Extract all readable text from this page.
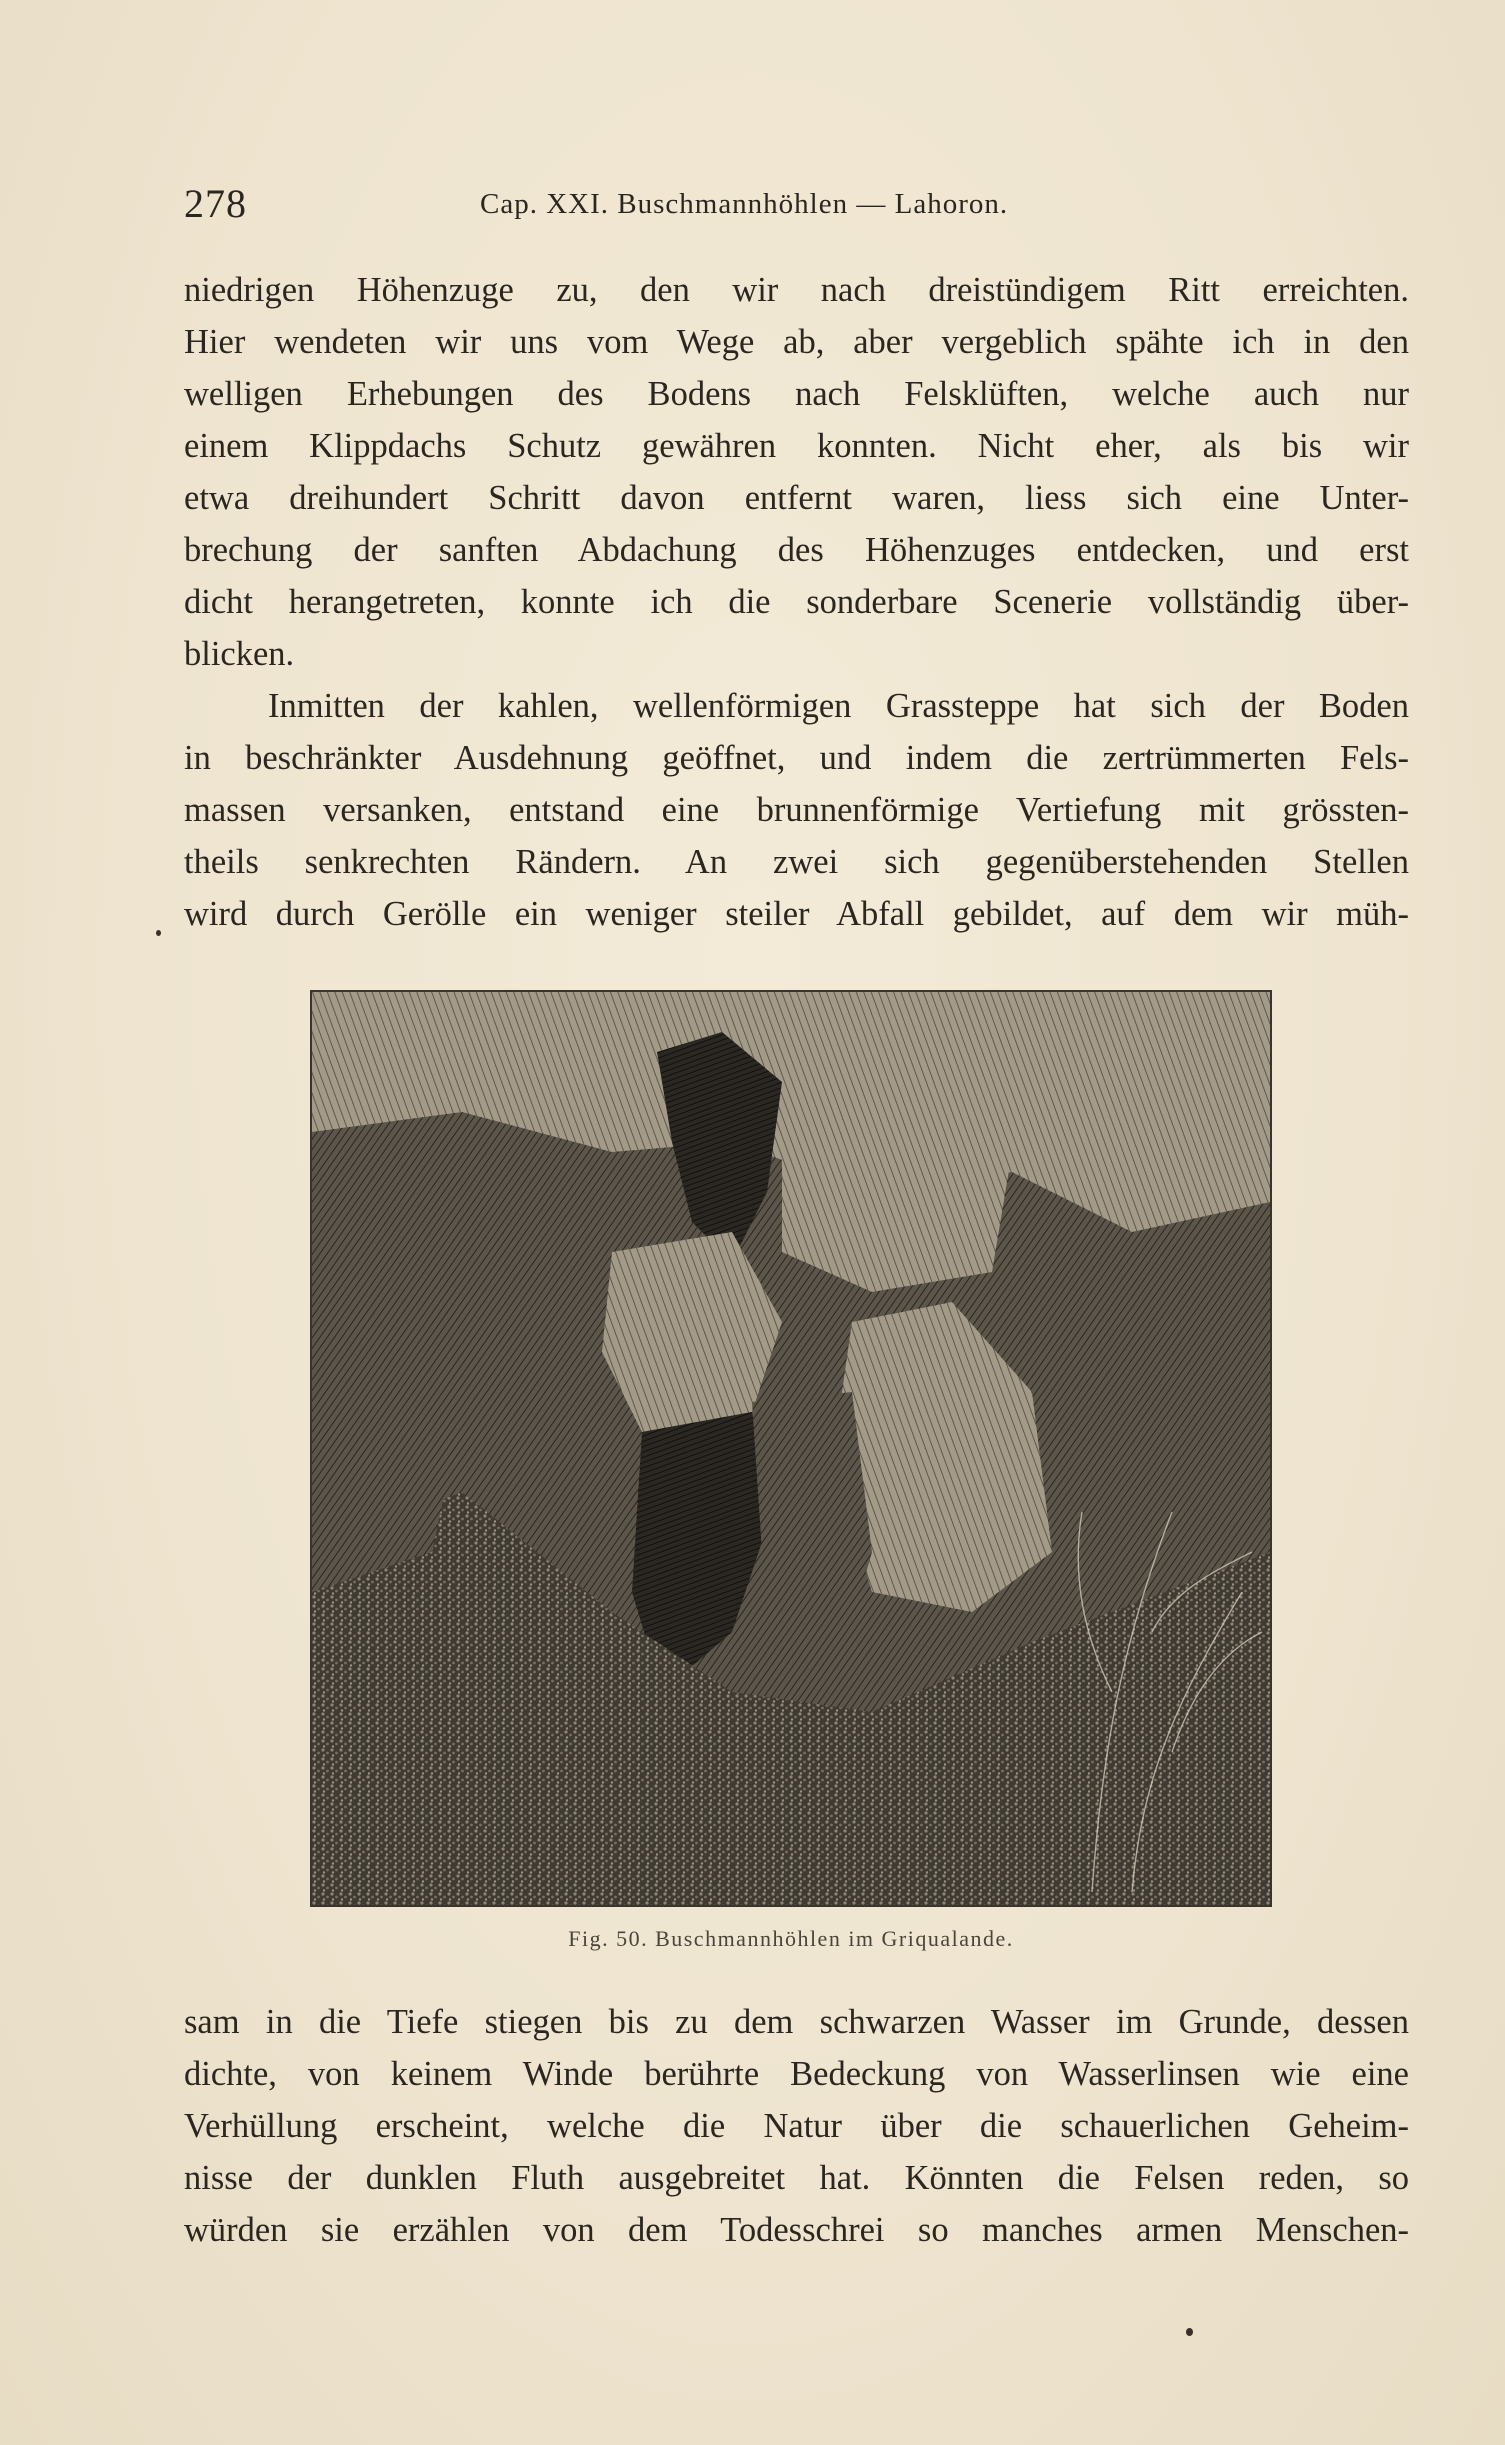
278	Cap. XXI. Buschmannhöhlen — Lahoron.
niedrigen Höhenzuge zu, den wir nach dreistündigem Ritt erreichten.
Hier wendeten wir uns vom Wege ab, aber vergeblich spähte ich in den
welligen Erhebungen des Bodens nach Felsklüften, welche auch nur
einem Klippdachs Schutz gewähren konnten. Nicht eher, als bis wir
etwa dreihundert Schritt davon entfernt waren, liess sich eine Unter-
brechung der sanften Abdachung des Höhenzuges entdecken, und erst
dicht herangetreten, konnte ich die sonderbare Scenerie vollständig über-
blicken.
Inmitten der kahlen, wellenförmigen Grassteppe hat sich der Boden
in beschränkter Ausdehnung geöffnet, und indem die zertrümmerten Fels-
massen versanken, entstand eine brunnenförmige Vertiefung mit grössten-
theils senkrechten Rändern. An zwei sich gegenüberstehenden Stellen
wird durch Gerölle ein weniger steiler Abfall gebildet, auf dem wir müh-
Fig. 50. Buschmannhöhlen im Griqualande.
sam in die Tiefe stiegen bis zu dem schwarzen Wasser im Grunde, dessen
dichte, von keinem Winde berührte Bedeckung von Wasserlinsen wie eine
Verhüllung erscheint, welche die Natur über die schauerlichen Geheim-
nisse der dunklen Fluth ausgebreitet hat. Könnten die Felsen reden, so
würden sie erzählen von dem Todesschrei so manches armen Menschen-
